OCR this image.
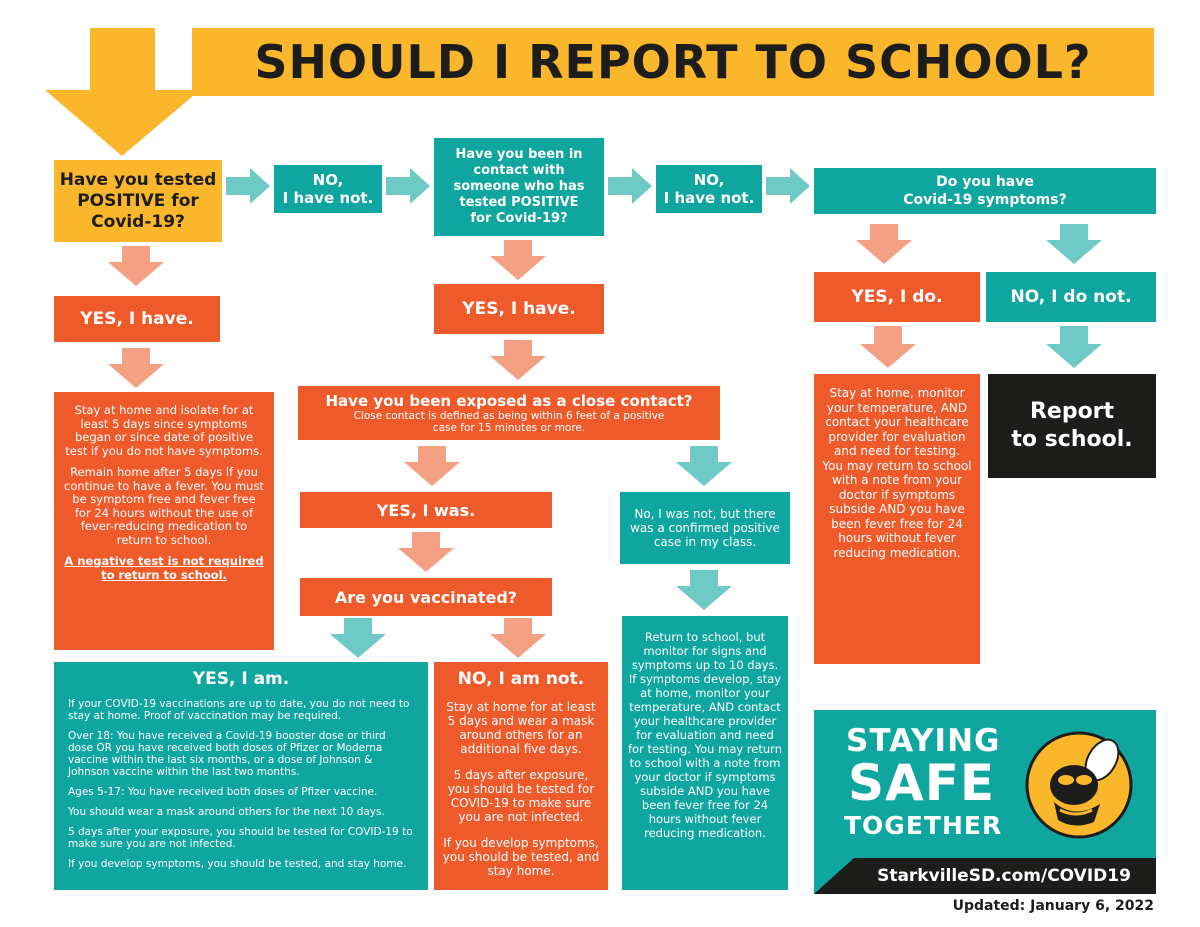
SHOULD I REPORT TO SCHOOL?
Have you tested
POSITIVE for
Covid-19?
NO,
I have not.
Have you been in
contact with
someone who has
tested POSITIVE
for Covid-19?
NO,
I have not.
Do you have
Covid-19 symptoms?
YES, I have.	YES, I have.
YES, I do.	NO, I do not.

Stay at home and isolate for at least 5 days since symptoms began or since date of positive test if you do not have symptoms.

Remain home after 5 days if you continue to have a fever. You must be symptom free and fever free for 24 hours without the use of fever-reducing medication to return to school.

A negative test is not required to return to school.

Have you been exposed as a close contact?
Close contact is defined as being within 6 feet of a positive case for 15 minutes or more.
Stay at home, monitor your temperature, AND contact your healthcare provider for evaluation and need for testing. You may return to school with a note from your doctor if symptoms subside AND you have been fever free for 24 hours without fever reducing medication.
Report
to school.
YES, I was.	No, I was not, but there was a confirmed positive case in my class.
Are you vaccinated?
Return to school, but monitor for signs and symptoms up to 10 days. If symptoms develop, stay at home, monitor your temperature, AND contact your healthcare provider for evaluation and need for testing. You may return to school with a note from your doctor if symptoms subside AND you have been fever free for 24 hours without fever reducing medication.
YES, I am.

If your COVID-19 vaccinations are up to date, you do not need to stay at home. Proof of vaccination may be required.

Over 18: You have received a Covid-19 booster dose or third dose OR you have received both doses of Pfizer or Moderna vaccine within the last six months, or a dose of Johnson & Johnson vaccine within the last two months.

Ages 5-17: You have received both doses of Pfizer vaccine.

You should wear a mask around others for the next 10 days.

5 days after your exposure, you should be tested for COVID-19 to make sure you are not infected.

If you develop symptoms, you should be tested, and stay home.

NO, I am not.

Stay at home for at least 5 days and wear a mask around others for an additional five days.

5 days after exposure, you should be tested for COVID-19 to make sure you are not infected.

If you develop symptoms, you should be tested, and stay home.

STAYING
SAFE
TOGETHER
StarkvilleSD.com/COVID19
Updated: January 6, 2022
